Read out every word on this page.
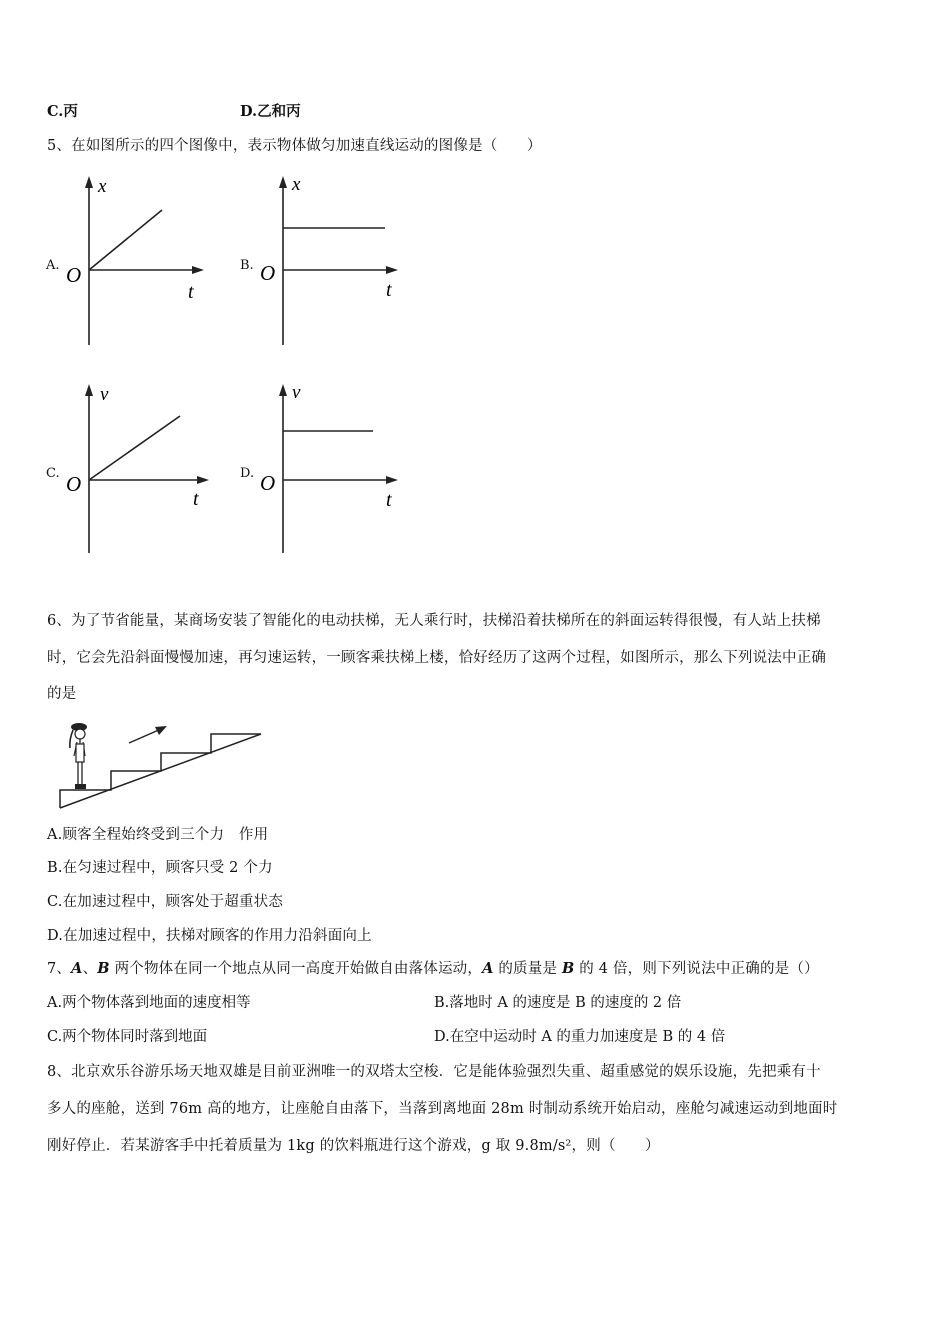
C.丙	D.乙和丙
5、在如图所示的四个图像中，表示物体做匀加速直线运动的图像是（　　）
A.
x
O
t
B.
x
O
t
C.
v
O
t
D.
v
O
t
6、为了节省能量，某商场安装了智能化的电动扶梯，无人乘行时，扶梯沿着扶梯所在的斜面运转得很慢，有人站上扶梯
时，它会先沿斜面慢慢加速，再匀速运转，一顾客乘扶梯上楼，恰好经历了这两个过程，如图所示，那么下列说法中正确
的是
A.顾客全程始终受到三个力　作用
B.在匀速过程中，顾客只受 2 个力
C.在加速过程中，顾客处于超重状态
D.在加速过程中，扶梯对顾客的作用力沿斜面向上
7、A、B 两个物体在同一个地点从同一高度开始做自由落体运动，A 的质量是 B 的 4 倍，则下列说法中正确的是（）
A.两个物体落到地面的速度相等	B.落地时 A 的速度是 B 的速度的 2 倍
C.两个物体同时落到地面	D.在空中运动时 A 的重力加速度是 B 的 4 倍
8、北京欢乐谷游乐场天地双雄是目前亚洲唯一的双塔太空梭．它是能体验强烈失重、超重感觉的娱乐设施，先把乘有十
多人的座舱，送到 76m 高的地方，让座舱自由落下，当落到离地面 28m 时制动系统开始启动，座舱匀减速运动到地面时
刚好停止．若某游客手中托着质量为 1kg 的饮料瓶进行这个游戏，g 取 9.8m/s²，则（　　）
